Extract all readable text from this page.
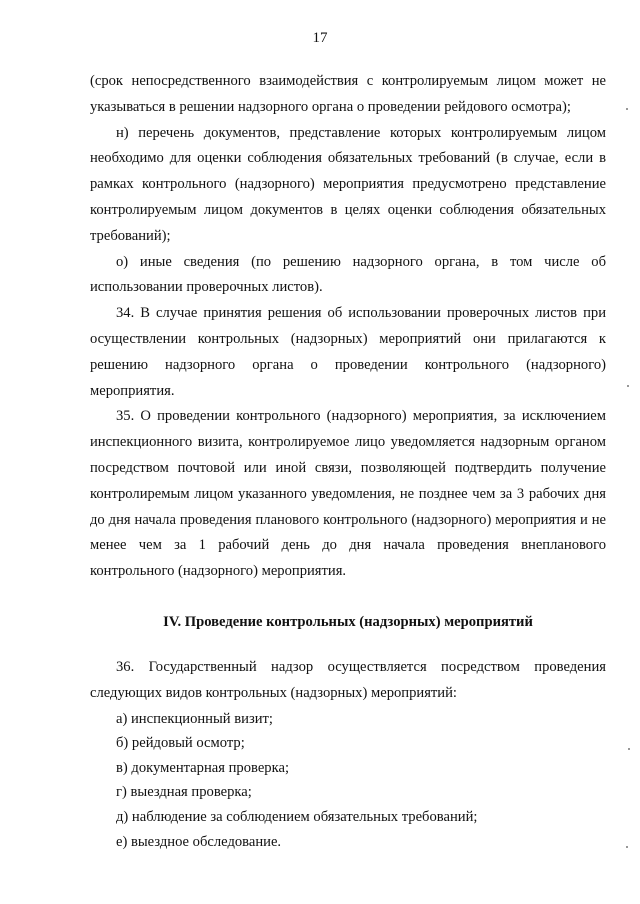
17

(срок непосредственного взаимодействия с контролируемым лицом может не указываться в решении надзорного органа о проведении рейдового осмотра);

н) перечень документов, представление которых контролируемым лицом необходимо для оценки соблюдения обязательных требований (в случае, если в рамках контрольного (надзорного) мероприятия предусмотрено представление контролируемым лицом документов в целях оценки соблюдения обязательных требований);

о) иные сведения (по решению надзорного органа, в том числе об использовании проверочных листов).

34. В случае принятия решения об использовании проверочных листов при осуществлении контрольных (надзорных) мероприятий они прилагаются к решению надзорного органа о проведении контрольного (надзорного) мероприятия.

35. О проведении контрольного (надзорного) мероприятия, за исключением инспекционного визита, контролируемое лицо уведомляется надзорным органом посредством почтовой или иной связи, позволяющей подтвердить получение контролиремым лицом указанного уведомления, не позднее чем за 3 рабочих дня до дня начала проведения планового контрольного (надзорного) мероприятия и не менее чем за 1 рабочий день до дня начала проведения внепланового контрольного (надзорного) мероприятия.

IV. Проведение контрольных (надзорных) мероприятий

36. Государственный надзор осуществляется посредством проведения следующих видов контрольных (надзорных) мероприятий:

а) инспекционный визит;
б) рейдовый осмотр;
в) документарная проверка;
г) выездная проверка;
д) наблюдение за соблюдением обязательных требований;
е) выездное обследование.
